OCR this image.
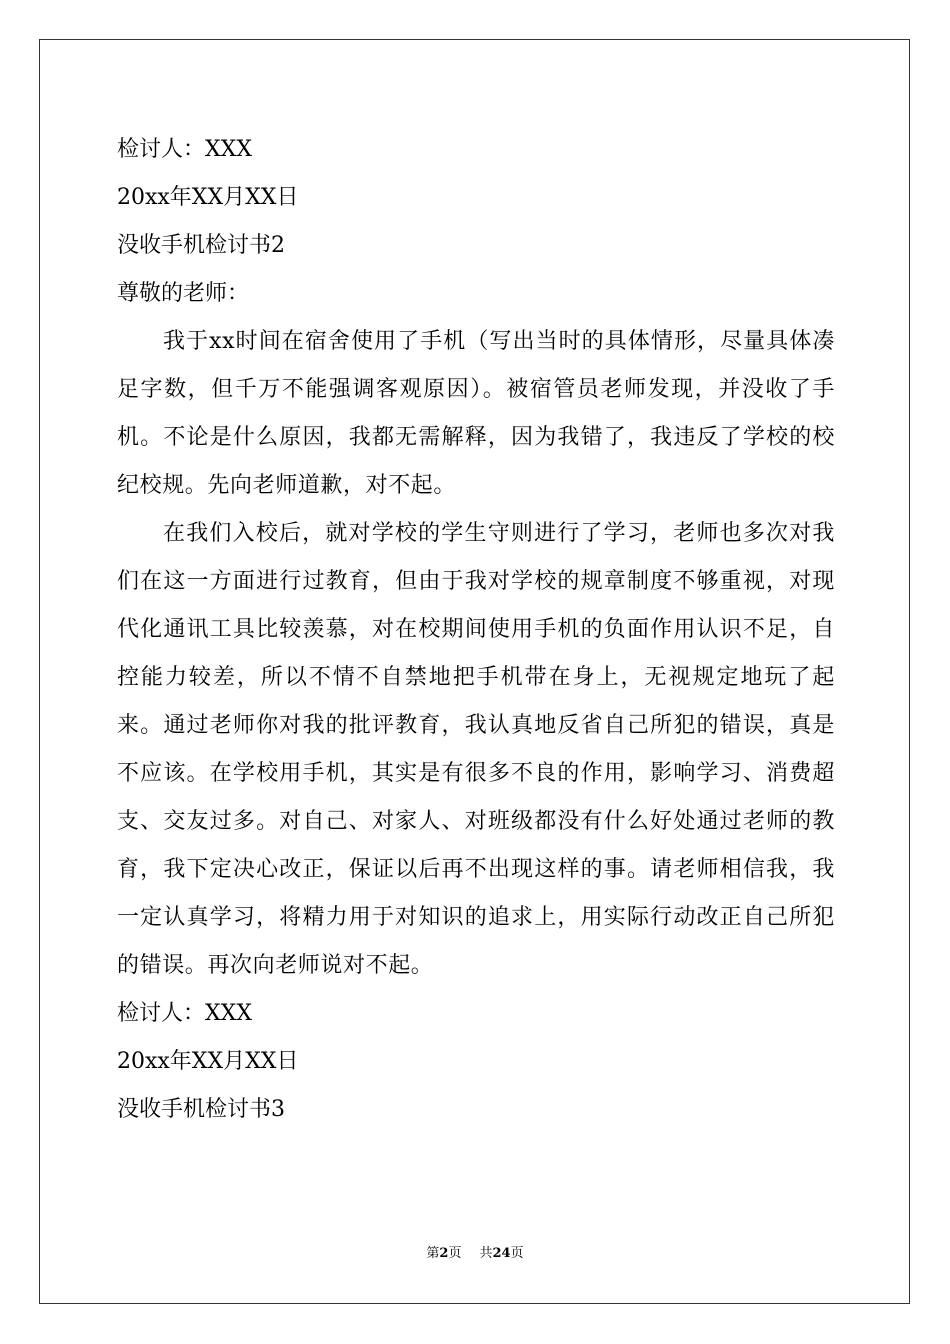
检讨人：XXX

20xx年XX月XX日

没收手机检讨书2

尊敬的老师：

我于xx时间在宿舍使用了手机（写出当时的具体情形，尽量具体凑足字数，但千万不能强调客观原因）。被宿管员老师发现，并没收了手机。不论是什么原因，我都无需解释，因为我错了，我违反了学校的校纪校规。先向老师道歉，对不起。

在我们入校后，就对学校的学生守则进行了学习，老师也多次对我们在这一方面进行过教育，但由于我对学校的规章制度不够重视，对现代化通讯工具比较羡慕，对在校期间使用手机的负面作用认识不足，自控能力较差，所以不情不自禁地把手机带在身上，无视规定地玩了起来。通过老师你对我的批评教育，我认真地反省自己所犯的错误，真是不应该。在学校用手机，其实是有很多不良的作用，影响学习、消费超支、交友过多。对自己、对家人、对班级都没有什么好处通过老师的教育，我下定决心改正，保证以后再不出现这样的事。请老师相信我，我一定认真学习，将精力用于对知识的追求上，用实际行动改正自己所犯的错误。再次向老师说对不起。

检讨人：XXX

20xx年XX月XX日

没收手机检讨书3

第2页 共24页
